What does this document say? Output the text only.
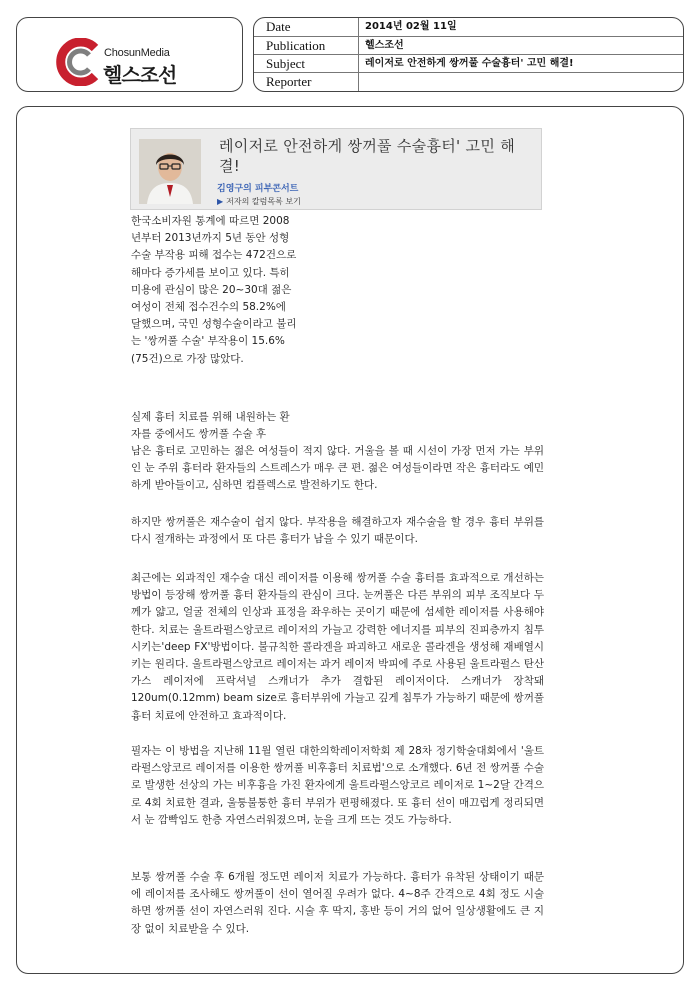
ChosunMedia
헬스조선
Date	2014년 02월 11일
Publication	헬스조선
Subject	레이저로 안전하게 쌍꺼풀 수술흉터' 고민 해결!
Reporter
레이저로 안전하게 쌍꺼풀 수술흉터' 고민 해결!
김영구의 피부콘서트
▶ 저자의 칼럼목록 보기

한국소비자원 통계에 따르면 2008년부터 2013년까지 5년 동안 성형수술 부작용 피해 접수는 472건으로 해마다 증가세를 보이고 있다. 특히 미용에 관심이 많은 20~30대 젊은 여성이 전체 접수건수의 58.2%에 달했으며, 국민 성형수술이라고 불리는 '쌍꺼풀 수술' 부작용이 15.6%(75건)으로 가장 많았다.

실제 흉터 치료를 위해 내원하는 환자를 중에서도 쌍꺼풀 수술 후

남은 흉터로 고민하는 젊은 여성들이 적지 않다. 거울을 볼 때 시선이 가장 먼저 가는 부위인 눈 주위 흉터라 환자들의 스트레스가 매우 큰 편. 젊은 여성들이라면 작은 흉터라도 예민하게 받아들이고, 심하면 컴플렉스로 발전하기도 한다.

하지만 쌍꺼풀은 재수술이 쉽지 않다. 부작용을 해결하고자 재수술을 할 경우 흉터 부위를 다시 절개하는 과정에서 또 다른 흉터가 남을 수 있기 때문이다.

최근에는 외과적인 재수술 대신 레이저를 이용해 쌍꺼풀 수술 흉터를 효과적으로 개선하는 방법이 등장해 쌍꺼풀 흉터 환자들의 관심이 크다. 눈꺼풀은 다른 부위의 피부 조직보다 두께가 얇고, 얼굴 전체의 인상과 표정을 좌우하는 곳이기 때문에 섬세한 레이저를 사용해야 한다. 치료는 울트라펄스앙코르 레이저의 가늘고 강력한 에너지를 피부의 진피층까지 침투시키는'deep FX'방법이다. 불규칙한 콜라겐을 파괴하고 새로운 콜라겐을 생성해 재배열시키는 원리다. 울트라펄스앙코르 레이저는 과거 레이저 박피에 주로 사용된 울트라펄스 탄산가스 레이저에 프락셔널 스캐너가 추가 결합된 레이저이다. 스캐너가 장착돼 120um(0.12mm) beam size로 흉터부위에 가늘고 깊게 침투가 가능하기 때문에 쌍꺼풀 흉터 치료에 안전하고 효과적이다.

필자는 이 방법을 지난해 11월 열린 대한의학레이저학회 제 28차 정기학술대회에서 '울트라펄스앙코르 레이저를 이용한 쌍꺼풀 비후흉터 치료법'으로 소개했다. 6년 전 쌍꺼풀 수술로 발생한 선상의 가는 비후흉을 가진 환자에게 울트라펄스앙코르 레이저로 1~2달 간격으로 4회 치료한 결과, 울퉁불퉁한 흉터 부위가 편평해졌다. 또 흉터 선이 매끄럽게 정리되면서 눈 깜빡임도 한층 자연스러워졌으며, 눈을 크게 뜨는 것도 가능하다.

보통 쌍꺼풀 수술 후 6개월 정도면 레이저 치료가 가능하다. 흉터가 유착된 상태이기 때문에 레이저를 조사해도 쌍꺼풀이 선이 열어질 우려가 없다. 4~8주 간격으로 4회 정도 시술하면 쌍꺼풀 선이 자연스러워 진다. 시술 후 딱지, 홍반 등이 거의 없어 일상생활에도 큰 지장 없이 치료받을 수 있다.
